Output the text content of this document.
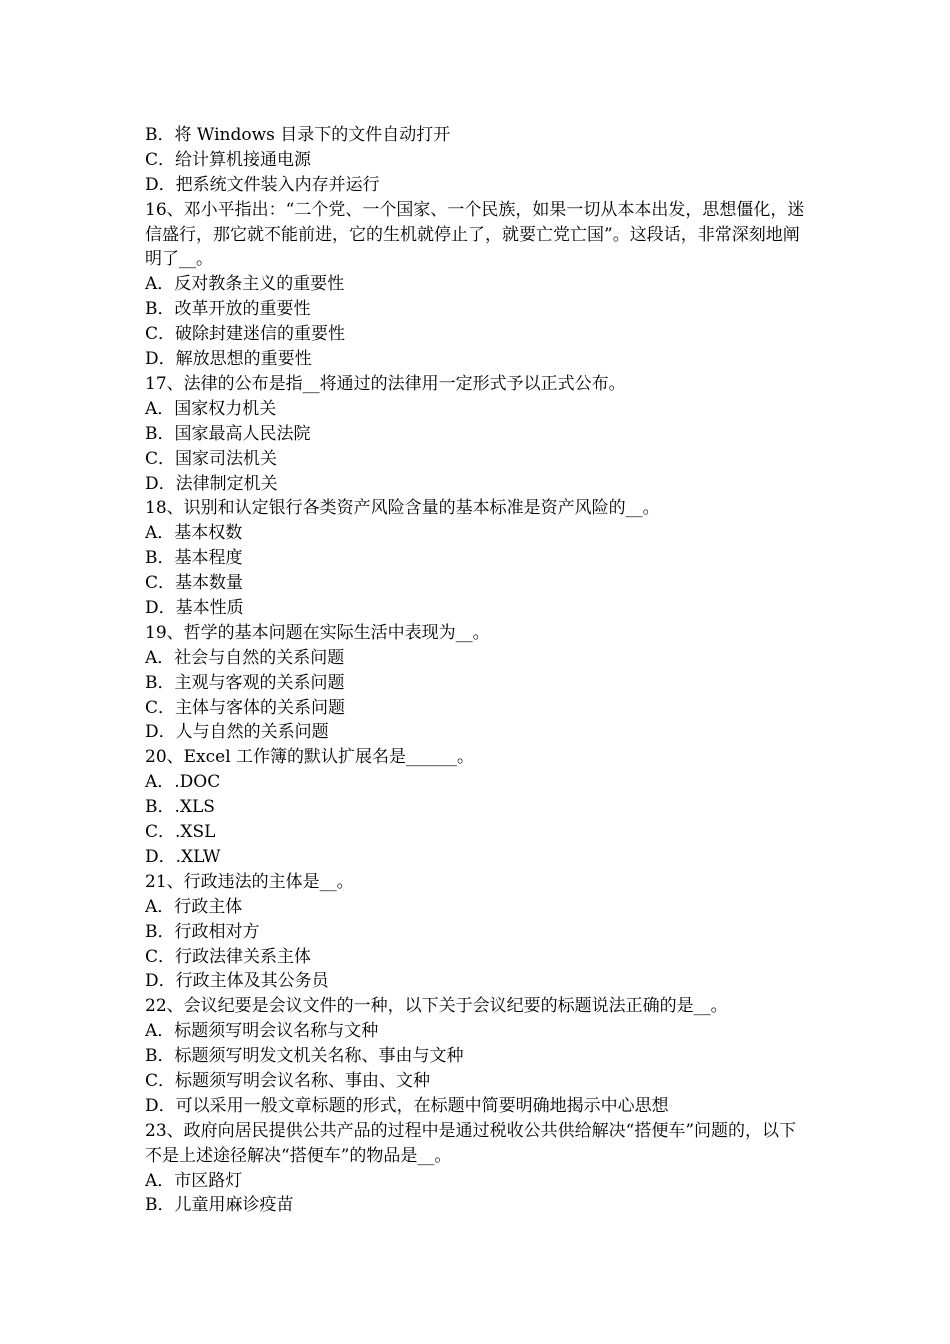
B．将 Windows 目录下的文件自动打开
C．给计算机接通电源
D．把系统文件装入内存并运行
16、邓小平指出：“二个党、一个国家、一个民族，如果一切从本本出发，思想僵化，迷信盛行，那它就不能前进，它的生机就停止了，就要亡党亡国”。这段话，非常深刻地阐明了__。
A．反对教条主义的重要性
B．改革开放的重要性
C．破除封建迷信的重要性
D．解放思想的重要性
17、法律的公布是指__将通过的法律用一定形式予以正式公布。
A．国家权力机关
B．国家最高人民法院
C．国家司法机关
D．法律制定机关
18、识别和认定银行各类资产风险含量的基本标准是资产风险的__。
A．基本权数
B．基本程度
C．基本数量
D．基本性质
19、哲学的基本问题在实际生活中表现为__。
A．社会与自然的关系问题
B．主观与客观的关系问题
C．主体与客体的关系问题
D．人与自然的关系问题
20、Excel 工作簿的默认扩展名是______。
A．.DOC
B．.XLS
C．.XSL
D．.XLW
21、行政违法的主体是__。
A．行政主体
B．行政相对方
C．行政法律关系主体
D．行政主体及其公务员
22、会议纪要是会议文件的一种，以下关于会议纪要的标题说法正确的是__。
A．标题须写明会议名称与文种
B．标题须写明发文机关名称、事由与文种
C．标题须写明会议名称、事由、文种
D．可以采用一般文章标题的形式，在标题中简要明确地揭示中心思想
23、政府向居民提供公共产品的过程中是通过税收公共供给解决“搭便车”问题的，以下不是上述途径解决“搭便车”的物品是__。
A．市区路灯
B．儿童用麻诊疫苗
